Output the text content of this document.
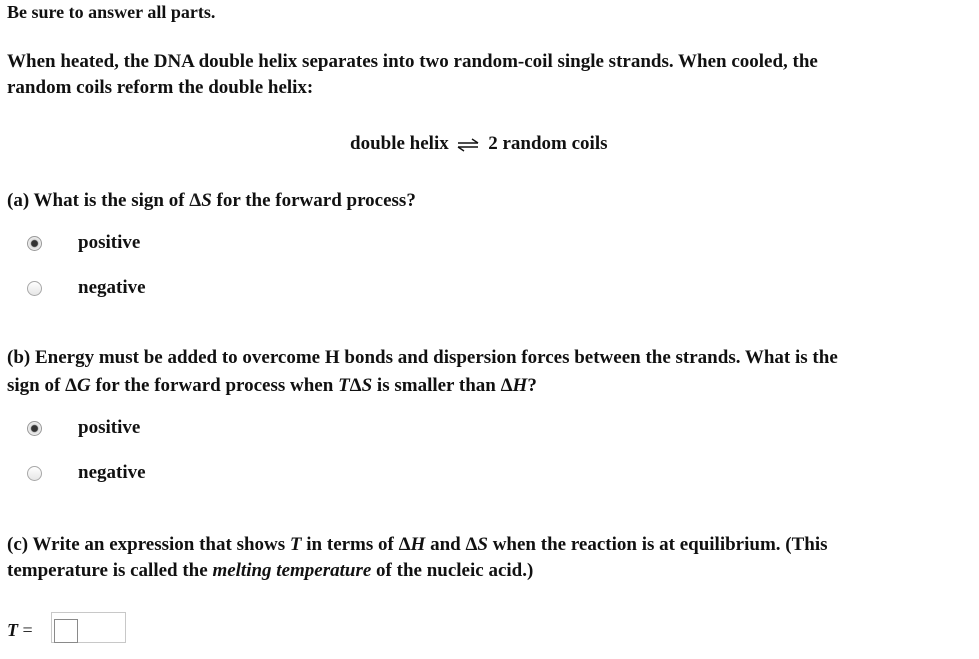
Be sure to answer all parts.
When heated, the DNA double helix separates into two random-coil single strands. When cooled, the
random coils reform the double helix:
double helix ⇌ 2 random coils
(a) What is the sign of ΔS for the forward process?
positive
negative
(b) Energy must be added to overcome H bonds and dispersion forces between the strands. What is the
sign of ΔG for the forward process when TΔS is smaller than ΔH?
positive
negative
(c) Write an expression that shows T in terms of ΔH and ΔS when the reaction is at equilibrium. (This
temperature is called the melting temperature of the nucleic acid.)
T =
